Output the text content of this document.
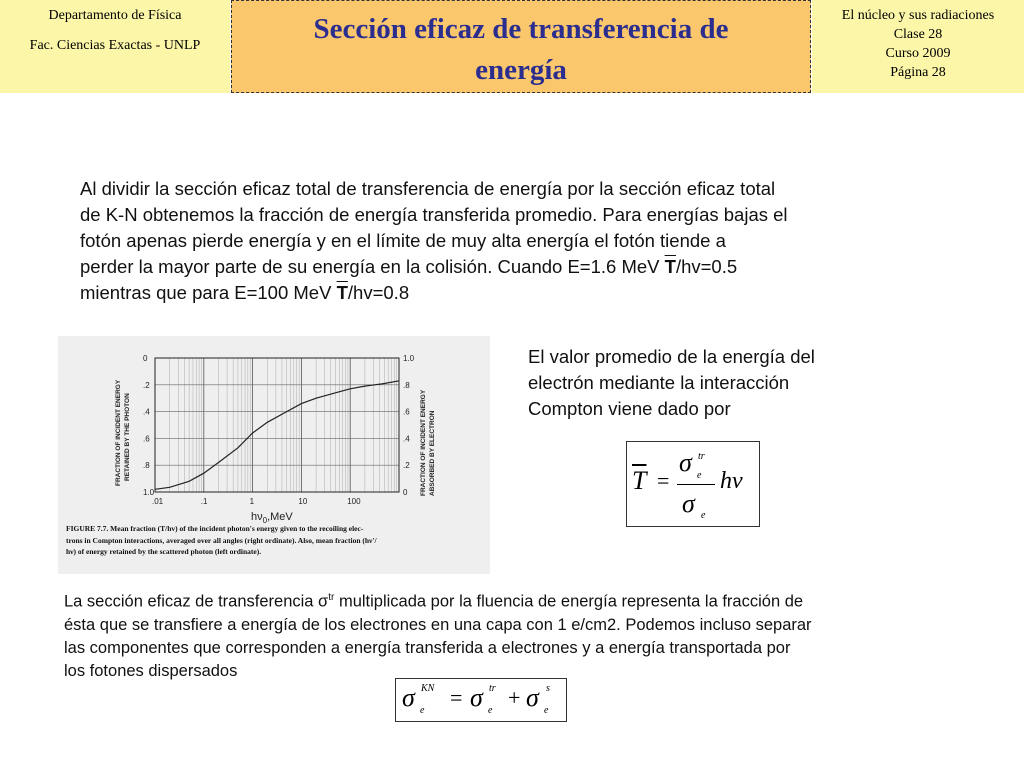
Departamento de Física
Fac. Ciencias Exactas - UNLP
Sección eficaz de transferencia de
energía
El núcleo y sus radiaciones
Clase 28
Curso 2009
Página 28
Al dividir la sección eficaz total de transferencia de energía por la sección eficaz total
de K-N obtenemos la fracción de energía transferida promedio. Para energías bajas el
fotón apenas pierde energía y en el límite de muy alta energía el fotón tiende a
perder la mayor parte de su energía en la colisión. Cuando E=1.6 MeV $\overline{T}/hv=0.5$
mientras que para E=100 MeV $\overline{T}/hv=0.8$
.01	.1	1	10	100
1.0
.8
.6
.4
.2
0
0
.2
.4
.6
.8
1.0
FRACTION OF INCIDENT ENERGY RETAINED BY THE PHOTON	FRACTION OF INCIDENT ENERGY ABSORBED BY ELECTRON
$h\nu_0,MeV$
FIGURE 7.7. Mean fraction (T/hv) of the incident photon's energy given to the recoiling elec-
trons in Compton interactions, averaged over all angles (right ordinate). Also, mean fraction (hν'/
hν) of energy retained by the scattered photon (left ordinate).
El valor promedio de la energía del
electrón mediante la interacción
Compton viene dado por
$\overline{T}$ =
σ e
tr
σ e
hν
La sección eficaz de transferencia $\sigma^{tr}$ multiplicada por la fluencia de energía representa la fracción de
ésta que se transfiere a energía de los electrones en una capa con 1 e/cm2. Podemos incluso separar
las componentes que corresponden a energía transferida a electrones y a energía transportada por
los fotones dispersados
σ e
KN = σ e
tr + σ e
s
